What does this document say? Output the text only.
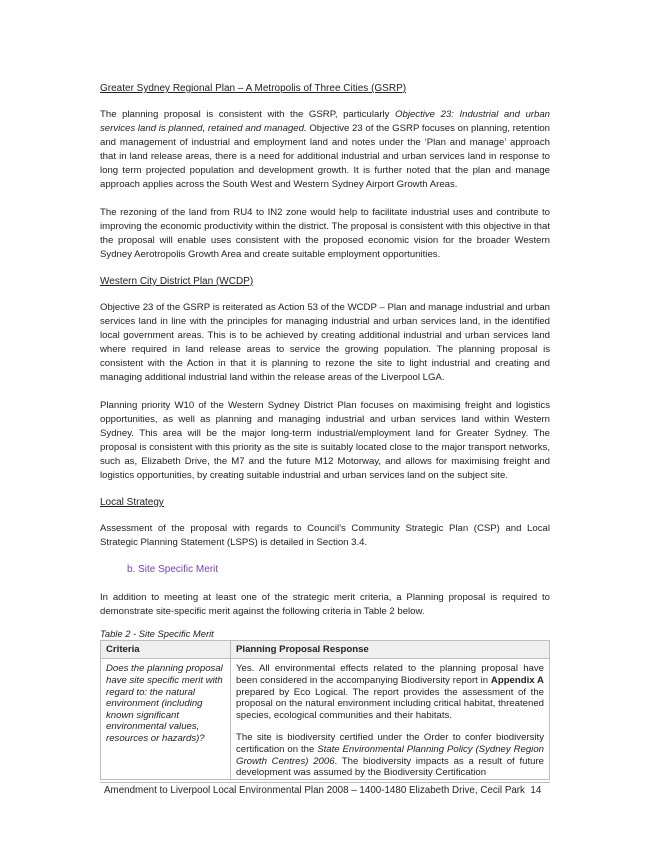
Greater Sydney Regional Plan – A Metropolis of Three Cities (GSRP)

The planning proposal is consistent with the GSRP, particularly Objective 23: Industrial and urban services land is planned, retained and managed. Objective 23 of the GSRP focuses on planning, retention and management of industrial and employment land and notes under the ‘Plan and manage’ approach that in land release areas, there is a need for additional industrial and urban services land in response to long term projected population and development growth. It is further noted that the plan and manage approach applies across the South West and Western Sydney Airport Growth Areas.

The rezoning of the land from RU4 to IN2 zone would help to facilitate industrial uses and contribute to improving the economic productivity within the district. The proposal is consistent with this objective in that the proposal will enable uses consistent with the proposed economic vision for the broader Western Sydney Aerotropolis Growth Area and create suitable employment opportunities.

Western City District Plan (WCDP)

Objective 23 of the GSRP is reiterated as Action 53 of the WCDP – Plan and manage industrial and urban services land in line with the principles for managing industrial and urban services land, in the identified local government areas. This is to be achieved by creating additional industrial and urban services land where required in land release areas to service the growing population. The planning proposal is consistent with the Action in that it is planning to rezone the site to light industrial and creating and managing additional industrial land within the release areas of the Liverpool LGA.

Planning priority W10 of the Western Sydney District Plan focuses on maximising freight and logistics opportunities, as well as planning and managing industrial and urban services land within Western Sydney. This area will be the major long-term industrial/employment land for Greater Sydney. The proposal is consistent with this priority as the site is suitably located close to the major transport networks, such as, Elizabeth Drive, the M7 and the future M12 Motorway, and allows for maximising freight and logistics opportunities, by creating suitable industrial and urban services land on the subject site.

Local Strategy

Assessment of the proposal with regards to Council’s Community Strategic Plan (CSP) and Local Strategic Planning Statement (LSPS) is detailed in Section 3.4.

b. Site Specific Merit

In addition to meeting at least one of the strategic merit criteria, a Planning proposal is required to demonstrate site-specific merit against the following criteria in Table 2 below.

Table 2 - Site Specific Merit
Criteria	Planning Proposal Response
Does the planning proposal have site specific merit with regard to: the natural environment (including known significant environmental values, resources or hazards)?	Yes. All environmental effects related to the planning proposal have been considered in the accompanying Biodiversity report in Appendix A prepared by Eco Logical. The report provides the assessment of the proposal on the natural environment including critical habitat, threatened species, ecological communities and their habitats.
The site is biodiversity certified under the Order to confer biodiversity certification on the State Environmental Planning Policy (Sydney Region Growth Centres) 2006. The biodiversity impacts as a result of future development was assumed by the Biodiversity Certification
Amendment to Liverpool Local Environmental Plan 2008 – 1400-1480 Elizabeth Drive, Cecil Park 14
